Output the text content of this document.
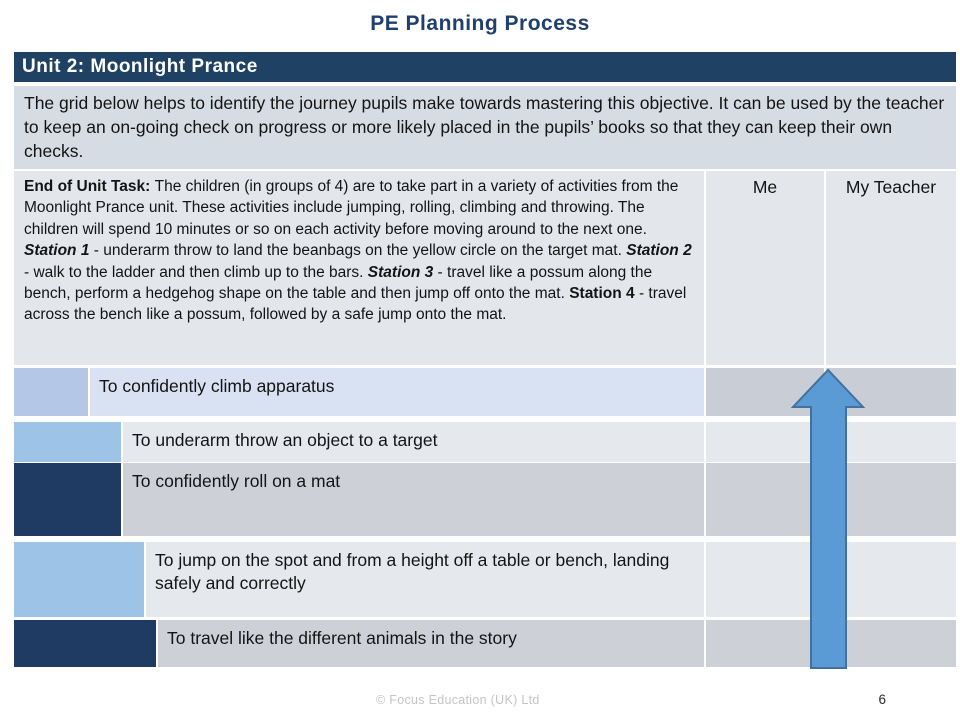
PE Planning Process
Unit 2: Moonlight Prance
The grid below helps to identify the journey pupils make towards mastering this objective. It can be used by the teacher to keep an on-going check on progress or more likely placed in the pupils’ books so that they can keep their own checks.
End of Unit Task: The children (in groups of 4) are to take part in a variety of activities from the Moonlight Prance unit. These activities include jumping, rolling, climbing and throwing. The children will spend 10 minutes or so on each activity before moving around to the next one. Station 1 - underarm throw to land the beanbags on the yellow circle on the target mat. Station 2 - walk to the ladder and then climb up to the bars. Station 3 - travel like a possum along the bench, perform a hedgehog shape on the table and then jump off onto the mat. Station 4 - travel across the bench like a possum, followed by a safe jump onto the mat.
Me	My Teacher
To confidently climb apparatus
To underarm throw an object to a target
To confidently roll on a mat
To jump on the spot and from a height off a table or bench, landing safely and correctly
To travel like the different animals in the story
© Focus Education (UK) Ltd	6
